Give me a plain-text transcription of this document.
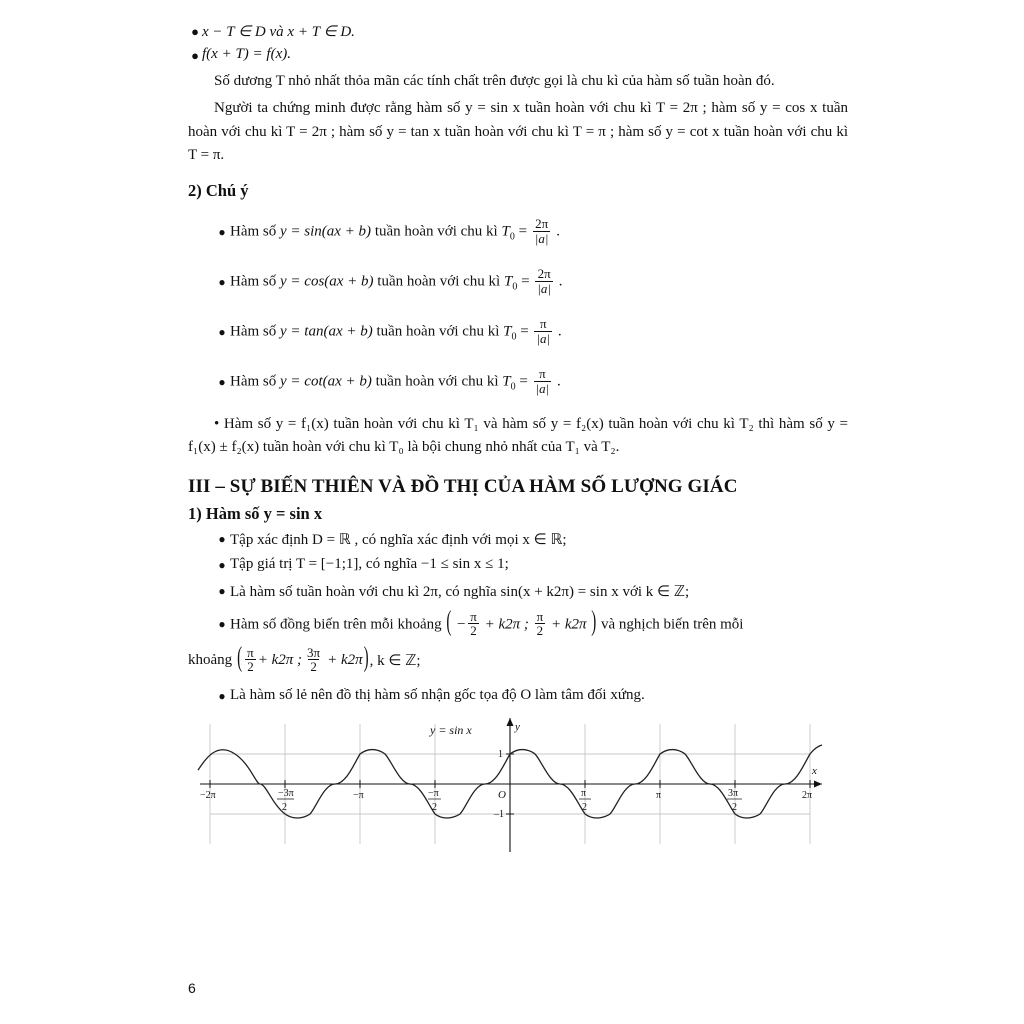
● x − T ∈ D và x + T ∈ D.
● f(x + T) = f(x).

Số dương T nhỏ nhất thỏa mãn các tính chất trên được gọi là chu kì của hàm số tuần hoàn đó.

Người ta chứng minh được rằng hàm số y = sin x tuần hoàn với chu kì T = 2π ; hàm số y = cos x tuần hoàn với chu kì T = 2π ; hàm số y = tan x tuần hoàn với chu kì T = π ; hàm số y = cot x tuần hoàn với chu kì T = π.

2) Chú ý
● Hàm số y = sin(ax + b) tuần hoàn với chu kì $T_0 = \frac{2\pi}{|a|}$ .
● Hàm số y = cos(ax + b) tuần hoàn với chu kì $T_0 = \frac{2\pi}{|a|}$ .
● Hàm số y = tan(ax + b) tuần hoàn với chu kì $T_0 = \frac{\pi}{|a|}$ .
● Hàm số y = cot(ax + b) tuần hoàn với chu kì $T_0 = \frac{\pi}{|a|}$ .

• Hàm số y = f₁(x) tuần hoàn với chu kì T₁ và hàm số y = f₂(x) tuần hoàn với chu kì T₂ thì hàm số y = f₁(x) ± f₂(x) tuần hoàn với chu kì T₀ là bội chung nhỏ nhất của T₁ và T₂.

III – SỰ BIẾN THIÊN VÀ ĐỒ THỊ CỦA HÀM SỐ LƯỢNG GIÁC
1) Hàm số y = sin x
● Tập xác định D = ℝ , có nghĩa xác định với mọi x ∈ ℝ;
● Tập giá trị T = [−1;1], có nghĩa −1 ≤ sin x ≤ 1;
● Là hàm số tuần hoàn với chu kì 2π, có nghĩa sin(x + k2π) = sin x với k ∈ ℤ;
● Hàm số đồng biến trên mỗi khoảng ( − $\frac{\pi}{2} + k2\pi$ ; $\frac{\pi}{2} + k2\pi$ ) và nghịch biến trên mỗi
khoảng ( $\frac{\pi}{2} + k2\pi$ ; $\frac{3\pi}{2} + k2\pi$ ) , k ∈ ℤ;
● Là hàm số lẻ nên đồ thị hàm số nhận gốc tọa độ O làm tâm đối xứng.
y = sin x	y
x
O
1
–1
−2π	−3π
2
−π	−π
2
π
2
π	3π
2
2π
6
